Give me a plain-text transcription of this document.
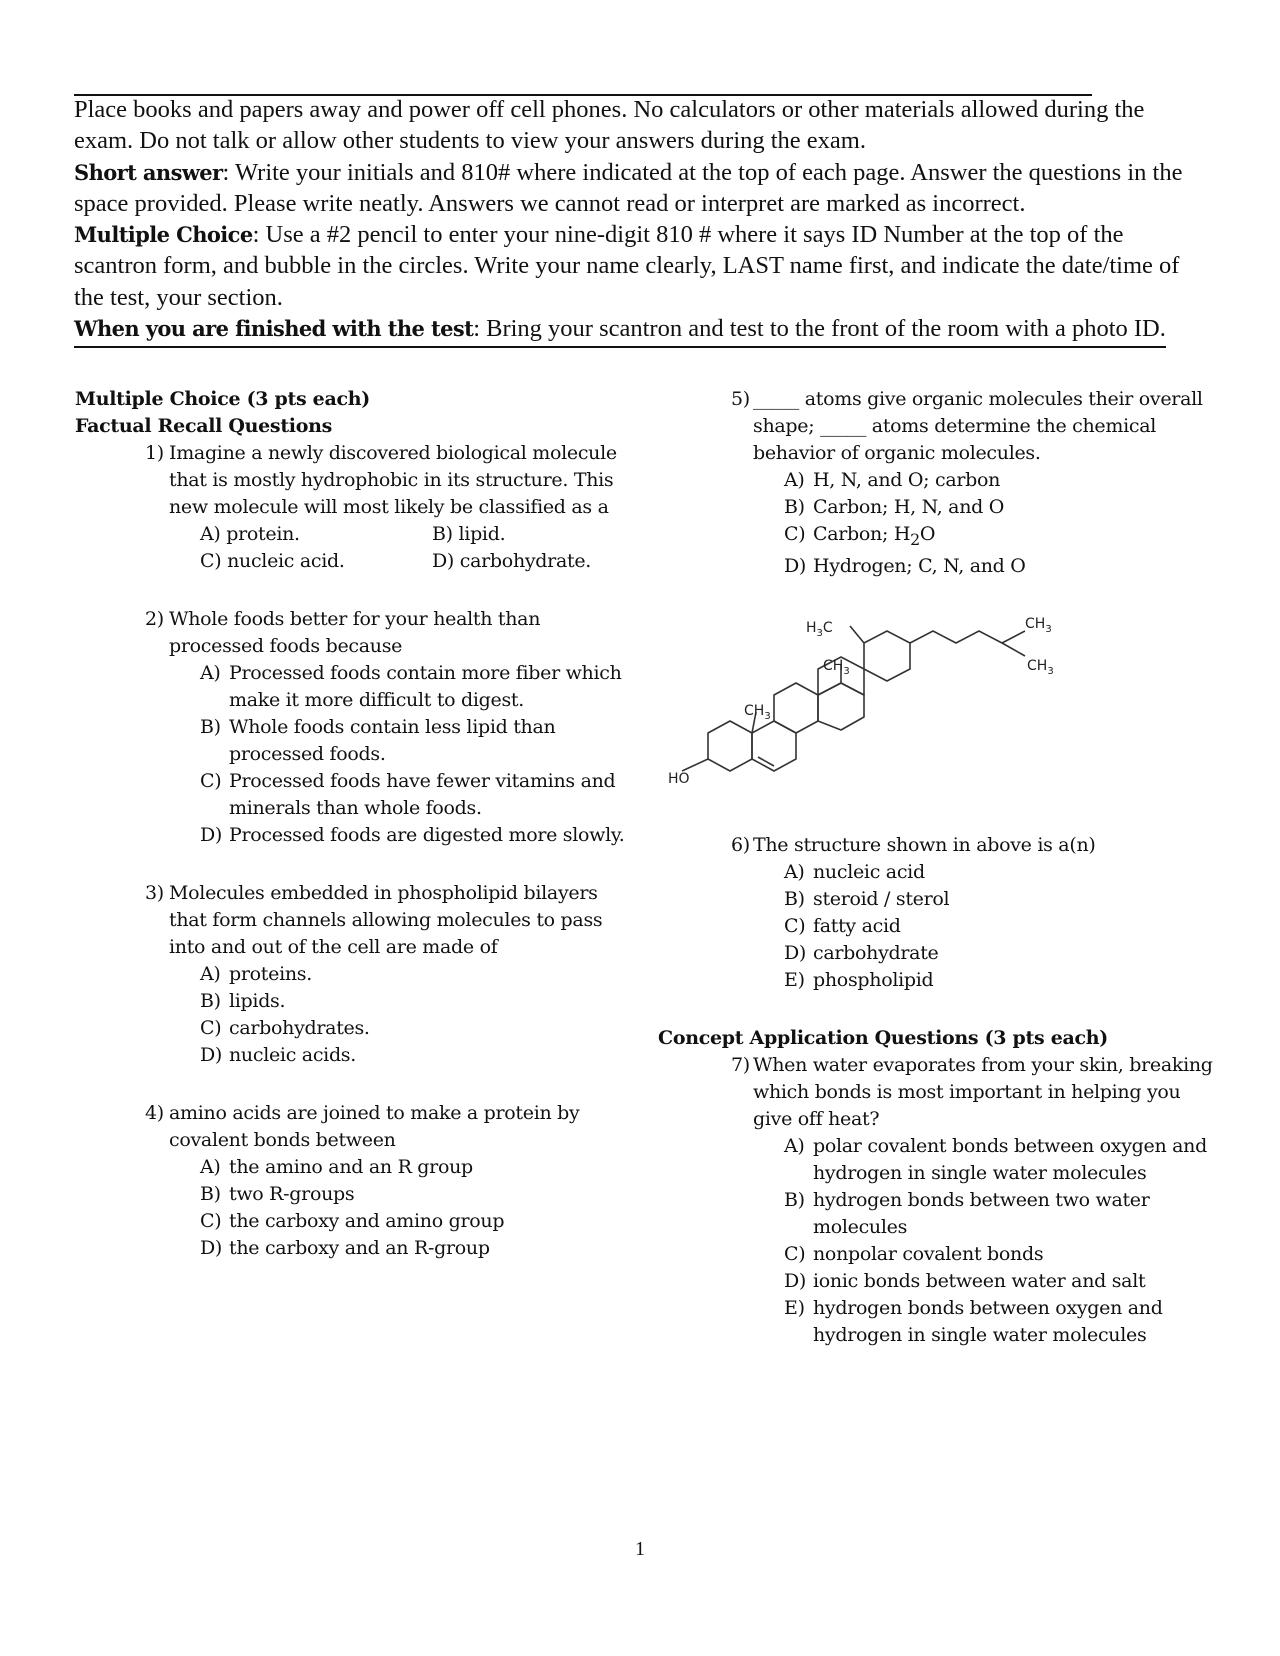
Place books and papers away and power off cell phones. No calculators or other materials allowed during the exam. Do not talk or allow other students to view your answers during the exam.

Short answer: Write your initials and 810# where indicated at the top of each page. Answer the questions in the space provided. Please write neatly. Answers we cannot read or interpret are marked as incorrect.

Multiple Choice: Use a #2 pencil to enter your nine-digit 810 # where it says ID Number at the top of the scantron form, and bubble in the circles. Write your name clearly, LAST name first, and indicate the date/time of the test, your section.

When you are finished with the test: Bring your scantron and test to the front of the room with a photo ID.

Multiple Choice (3 pts each)
Factual Recall Questions
1) Imagine a newly discovered biological molecule that is mostly hydrophobic in its structure. This new molecule will most likely be classified as a
A) protein.	B) lipid.
C) nucleic acid.	D) carbohydrate.
2) Whole foods better for your health than processed foods because
A) Processed foods contain more fiber which make it more difficult to digest.
B) Whole foods contain less lipid than processed foods.
C) Processed foods have fewer vitamins and minerals than whole foods.
D) Processed foods are digested more slowly.
3) Molecules embedded in phospholipid bilayers that form channels allowing molecules to pass into and out of the cell are made of
A) proteins.
B) lipids.
C) carbohydrates.
D) nucleic acids.
4) amino acids are joined to make a protein by covalent bonds between
A) the amino and an R group
B) two R-groups
C) the carboxy and amino group
D) the carboxy and an R-group
5) _____ atoms give organic molecules their overall shape; _____ atoms determine the chemical behavior of organic molecules.
A) H, N, and O; carbon
B) Carbon; H, N, and O
C) Carbon; $H_2O$
D) Hydrogen; C, N, and O
6) The structure shown in above is a(n)
A) nucleic acid
B) steroid / sterol
C) fatty acid
D) carbohydrate
E) phospholipid
Concept Application Questions (3 pts each)
7) When water evaporates from your skin, breaking which bonds is most important in helping you give off heat?
A) polar covalent bonds between oxygen and hydrogen in single water molecules
B) hydrogen bonds between two water molecules
C) nonpolar covalent bonds
D) ionic bonds between water and salt
E) hydrogen bonds between oxygen and hydrogen in single water molecules
$H_3C$	$CH_3$
$CH_3$
$CH_3$
$CH_3$
HO
1
